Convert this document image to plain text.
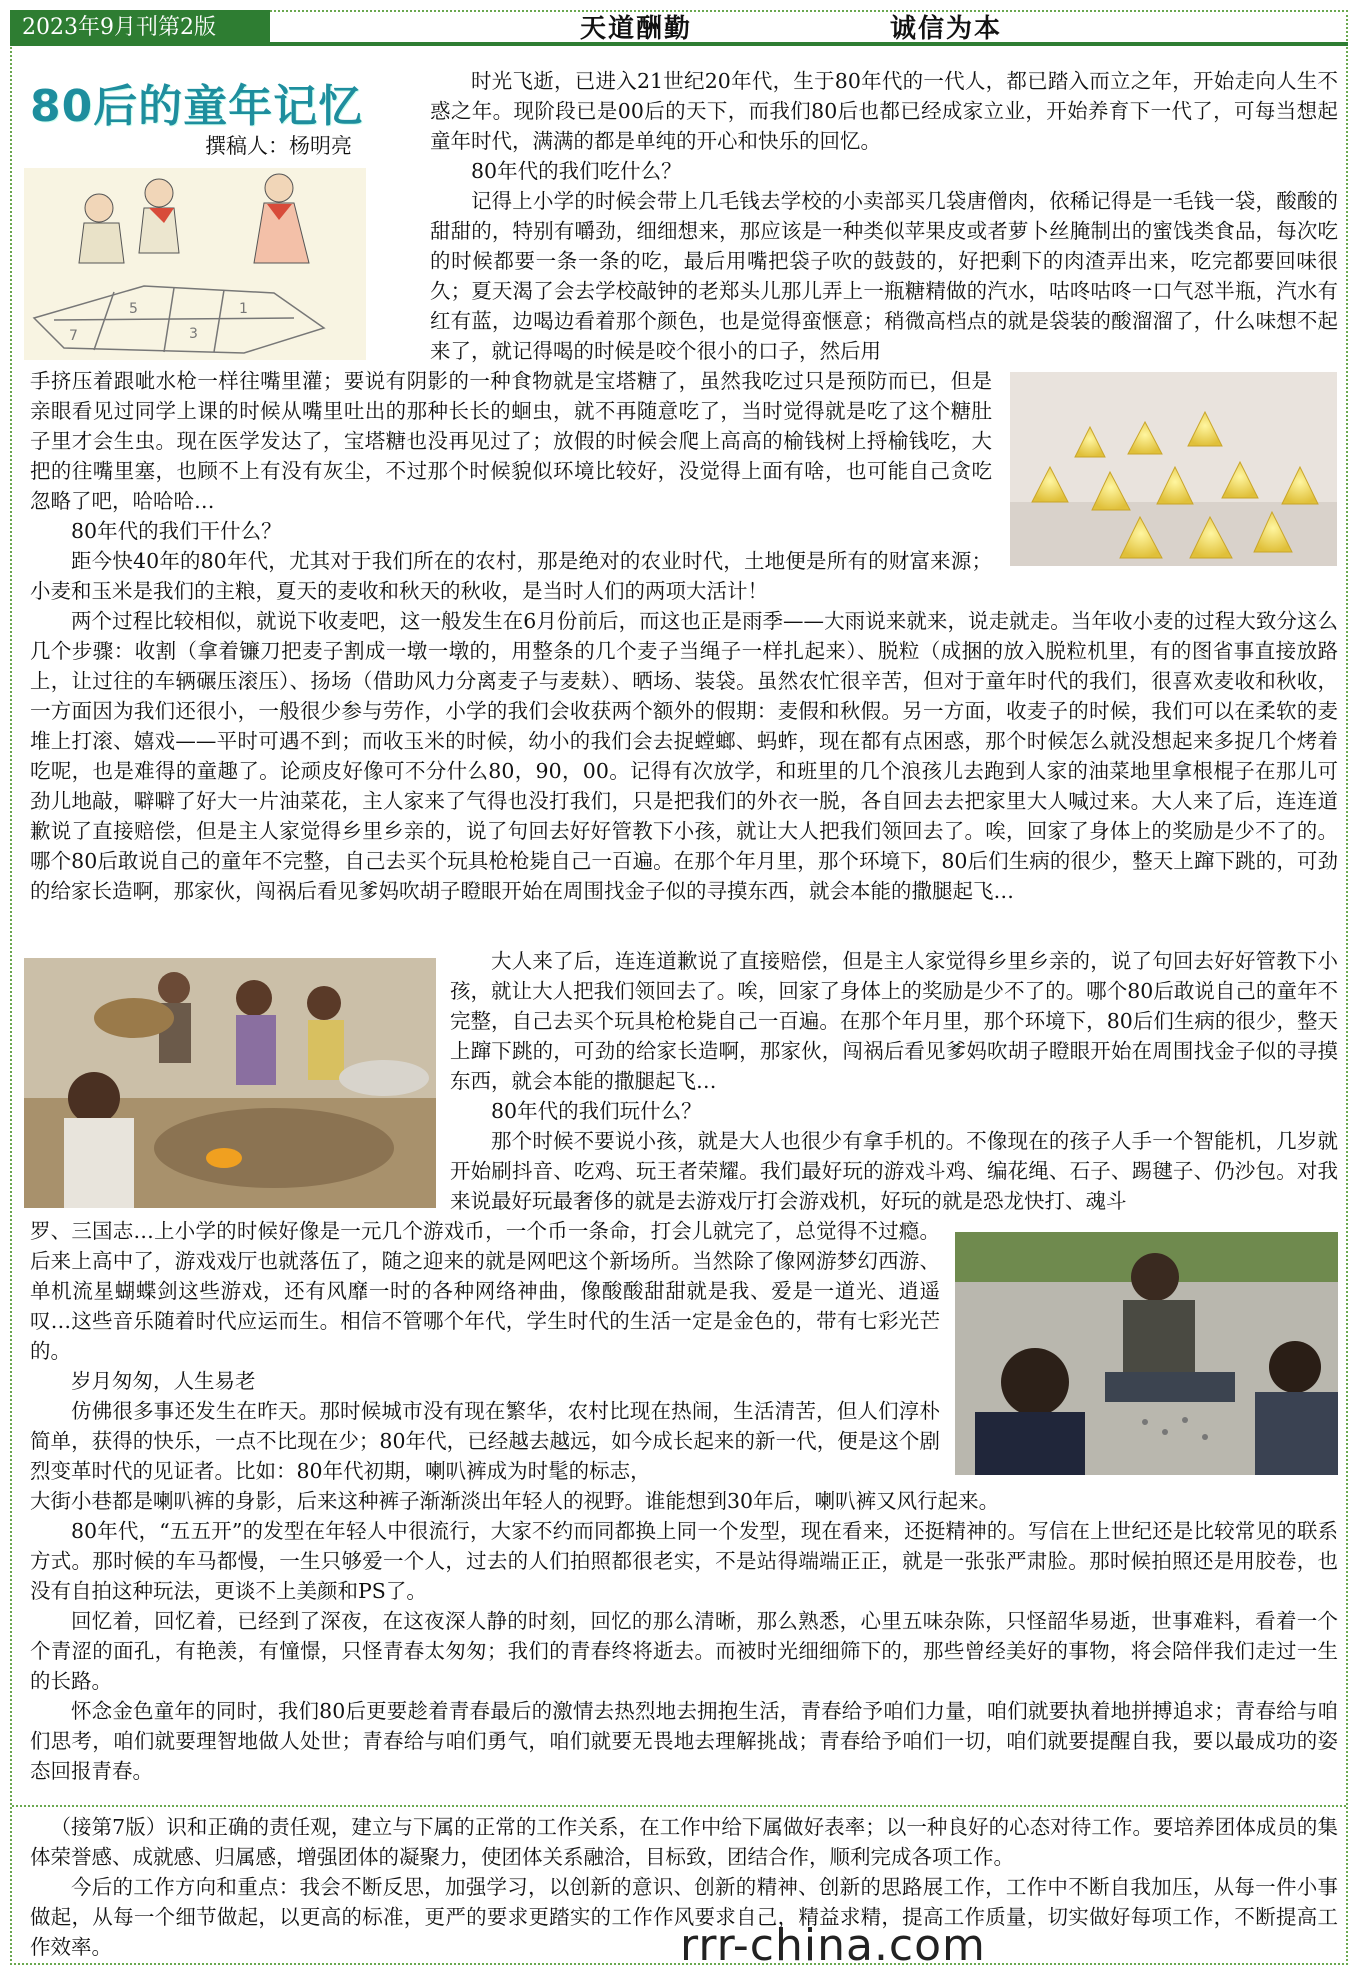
2023年9月刊第2版	天道酬勤	诚信为本
80后的童年记忆
撰稿人：杨明亮
7
5
3
1

时光飞逝，已进入21世纪20年代，生于80年代的一代人，都已踏入而立之年，开始走向人生不惑之年。现阶段已是00后的天下，而我们80后也都已经成家立业，开始养育下一代了，可每当想起童年时代，满满的都是单纯的开心和快乐的回忆。

80年代的我们吃什么？

记得上小学的时候会带上几毛钱去学校的小卖部买几袋唐僧肉，依稀记得是一毛钱一袋，酸酸的甜甜的，特别有嚼劲，细细想来，那应该是一种类似苹果皮或者萝卜丝腌制出的蜜饯类食品，每次吃的时候都要一条一条的吃，最后用嘴把袋子吹的鼓鼓的，好把剩下的肉渣弄出来，吃完都要回味很久；夏天渴了会去学校敲钟的老郑头儿那儿弄上一瓶糖精做的汽水，咕咚咕咚一口气怼半瓶，汽水有红有蓝，边喝边看着那个颜色，也是觉得蛮惬意；稍微高档点的就是袋装的酸溜溜了，什么味想不起来了，就记得喝的时候是咬个很小的口子，然后用

手挤压着跟呲水枪一样往嘴里灌；要说有阴影的一种食物就是宝塔糖了，虽然我吃过只是预防而已，但是亲眼看见过同学上课的时候从嘴里吐出的那种长长的蛔虫，就不再随意吃了，当时觉得就是吃了这个糖肚子里才会生虫。现在医学发达了，宝塔糖也没再见过了；放假的时候会爬上高高的榆钱树上捋榆钱吃，大把的往嘴里塞，也顾不上有没有灰尘，不过那个时候貌似环境比较好，没觉得上面有啥，也可能自己贪吃忽略了吧，哈哈哈…

80年代的我们干什么？

距今快40年的80年代，尤其对于我们所在的农村，那是绝对的农业时代，土地便是所有的财富来源；小麦和玉米是我们的主粮，夏天的麦收和秋天的秋收，是当时人们的两项大活计！

两个过程比较相似，就说下收麦吧，这一般发生在6月份前后，而这也正是雨季——大雨说来就来，说走就走。当年收小麦的过程大致分这么几个步骤：收割（拿着镰刀把麦子割成一墩一墩的，用整条的几个麦子当绳子一样扎起来）、脱粒（成捆的放入脱粒机里，有的图省事直接放路上，让过往的车辆碾压滚压）、扬场（借助风力分离麦子与麦麸）、晒场、装袋。虽然农忙很辛苦，但对于童年时代的我们，很喜欢麦收和秋收，一方面因为我们还很小，一般很少参与劳作，小学的我们会收获两个额外的假期：麦假和秋假。另一方面，收麦子的时候，我们可以在柔软的麦堆上打滚、嬉戏——平时可遇不到；而收玉米的时候，幼小的我们会去捉螳螂、蚂蚱，现在都有点困惑，那个时候怎么就没想起来多捉几个烤着吃呢，也是难得的童趣了。论顽皮好像可不分什么80，90，00。记得有次放学，和班里的几个浪孩儿去跑到人家的油菜地里拿根棍子在那儿可劲儿地敲，噼噼了好大一片油菜花，主人家来了气得也没打我们，只是把我们的外衣一脱，各自回去去把家里大人喊过来。大人来了后，连连道歉说了直接赔偿，但是主人家觉得乡里乡亲的，说了句回去好好管教下小孩，就让大人把我们领回去了。唉，回家了身体上的奖励是少不了的。哪个80后敢说自己的童年不完整，自己去买个玩具枪枪毙自己一百遍。在那个年月里，那个环境下，80后们生病的很少，整天上蹿下跳的，可劲的给家长造啊，那家伙，闯祸后看见爹妈吹胡子瞪眼开始在周围找金子似的寻摸东西，就会本能的撒腿起飞…

大人来了后，连连道歉说了直接赔偿，但是主人家觉得乡里乡亲的，说了句回去好好管教下小孩，就让大人把我们领回去了。唉，回家了身体上的奖励是少不了的。哪个80后敢说自己的童年不完整，自己去买个玩具枪枪毙自己一百遍。在那个年月里，那个环境下，80后们生病的很少，整天上蹿下跳的，可劲的给家长造啊，那家伙，闯祸后看见爹妈吹胡子瞪眼开始在周围找金子似的寻摸东西，就会本能的撒腿起飞…

80年代的我们玩什么？

那个时候不要说小孩，就是大人也很少有拿手机的。不像现在的孩子人手一个智能机，几岁就开始刷抖音、吃鸡、玩王者荣耀。我们最好玩的游戏斗鸡、编花绳、石子、踢毽子、仍沙包。对我来说最好玩最奢侈的就是去游戏厅打会游戏机，好玩的就是恐龙快打、魂斗

罗、三国志…上小学的时候好像是一元几个游戏币，一个币一条命，打会儿就完了，总觉得不过瘾。后来上高中了，游戏戏厅也就落伍了，随之迎来的就是网吧这个新场所。当然除了像网游梦幻西游、单机流星蝴蝶剑这些游戏，还有风靡一时的各种网络神曲，像酸酸甜甜就是我、爱是一道光、逍遥叹…这些音乐随着时代应运而生。相信不管哪个年代，学生时代的生活一定是金色的，带有七彩光芒的。

岁月匆匆，人生易老

仿佛很多事还发生在昨天。那时候城市没有现在繁华，农村比现在热闹，生活清苦，但人们淳朴简单，获得的快乐，一点不比现在少；80年代，已经越去越远，如今成长起来的新一代，便是这个剧烈变革时代的见证者。比如：80年代初期，喇叭裤成为时髦的标志，

大街小巷都是喇叭裤的身影，后来这种裤子渐渐淡出年轻人的视野。谁能想到30年后，喇叭裤又风行起来。

80年代，“五五开”的发型在年轻人中很流行，大家不约而同都换上同一个发型，现在看来，还挺精神的。写信在上世纪还是比较常见的联系方式。那时候的车马都慢，一生只够爱一个人，过去的人们拍照都很老实，不是站得端端正正，就是一张张严肃脸。那时候拍照还是用胶卷，也没有自拍这种玩法，更谈不上美颜和PS了。

回忆着，回忆着，已经到了深夜，在这夜深人静的时刻，回忆的那么清晰，那么熟悉，心里五味杂陈，只怪韶华易逝，世事难料，看着一个个青涩的面孔，有艳羡，有憧憬，只怪青春太匆匆；我们的青春终将逝去。而被时光细细筛下的，那些曾经美好的事物，将会陪伴我们走过一生的长路。

怀念金色童年的同时，我们80后更要趁着青春最后的激情去热烈地去拥抱生活，青春给予咱们力量，咱们就要执着地拼搏追求；青春给与咱们思考，咱们就要理智地做人处世；青春给与咱们勇气，咱们就要无畏地去理解挑战；青春给予咱们一切，咱们就要提醒自我，要以最成功的姿态回报青春。

（接第7版）识和正确的责任观，建立与下属的正常的工作关系，在工作中给下属做好表率；以一种良好的心态对待工作。要培养团体成员的集体荣誉感、成就感、归属感，增强团体的凝聚力，使团体关系融洽，目标致，团结合作，顺利完成各项工作。

今后的工作方向和重点：我会不断反思，加强学习，以创新的意识、创新的精神、创新的思路展工作，工作中不断自我加压，从每一件小事做起，从每一个细节做起，以更高的标准，更严的要求更踏实的工作作风要求自己，精益求精，提高工作质量，切实做好每项工作，不断提高工作效率。	rrr-china.com
